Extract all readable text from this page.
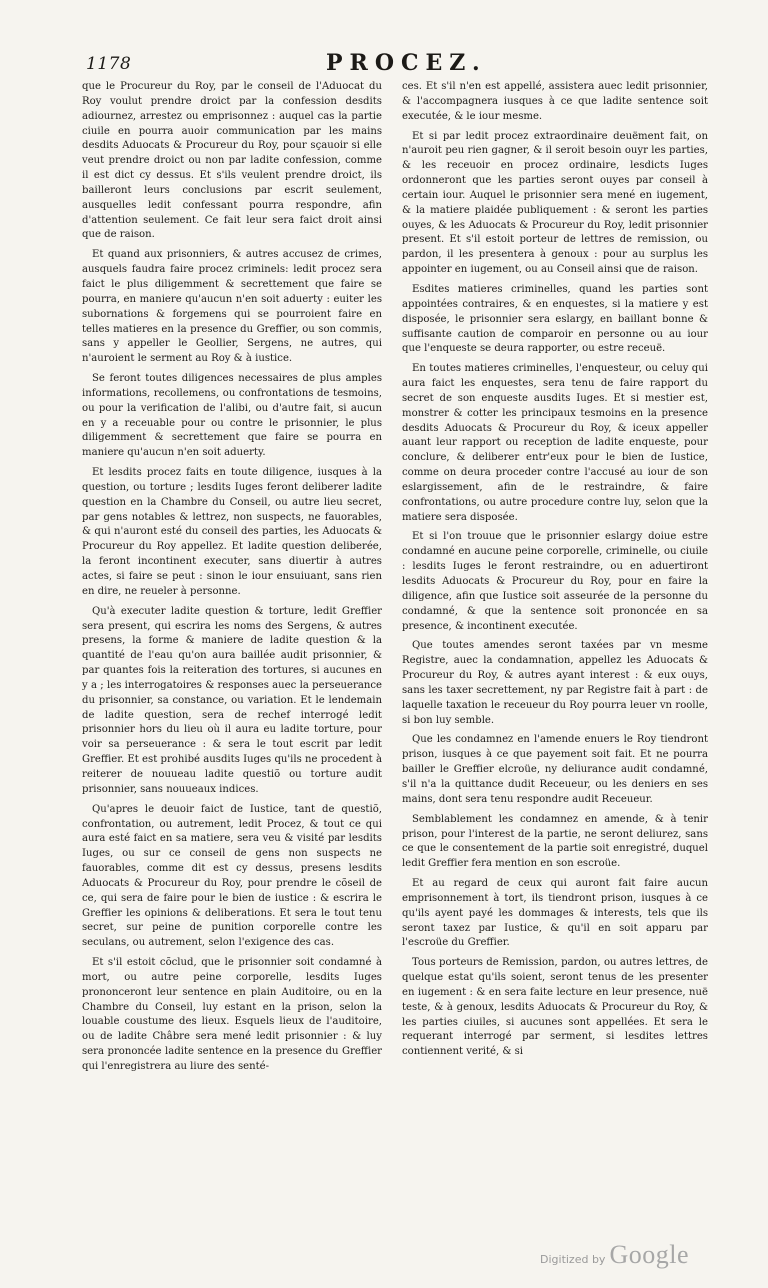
1178	PROCEZ.

que le Procureur du Roy, par le conseil de l'Aduocat du Roy voulut prendre droict par la confession desdits adiournez, arrestez ou emprisonnez : auquel cas la partie ciuile en pourra auoir communication par les mains desdits Aduocats & Procureur du Roy, pour sçauoir si elle veut prendre droict ou non par ladite confession, comme il est dict cy dessus. Et s'ils veulent prendre droict, ils bailleront leurs conclusions par escrit seulement, ausquelles ledit confessant pourra respondre, afin d'attention seulement. Ce fait leur sera faict droit ainsi que de raison.

Et quand aux prisonniers, & autres accusez de crimes, ausquels faudra faire procez criminels: ledit procez sera faict le plus diligemment & secrettement que faire se pourra, en maniere qu'aucun n'en soit aduerty : euiter les subornations & forgemens qui se pourroient faire en telles matieres en la presence du Greffier, ou son commis, sans y appeller le Geollier, Sergens, ne autres, qui n'auroient le serment au Roy & à iustice.

Se feront toutes diligences necessaires de plus amples informations, recollemens, ou confrontations de tesmoins, ou pour la verification de l'alibi, ou d'autre fait, si aucun en y a receuable pour ou contre le prisonnier, le plus diligemment & secrettement que faire se pourra en maniere qu'aucun n'en soit aduerty.

Et lesdits procez faits en toute diligence, iusques à la question, ou torture ; lesdits Iuges feront deliberer ladite question en la Chambre du Conseil, ou autre lieu secret, par gens notables & lettrez, non suspects, ne fauorables, & qui n'auront esté du conseil des parties, les Aduocats & Procureur du Roy appellez. Et ladite question deliberée, la feront incontinent executer, sans diuertir à autres actes, si faire se peut : sinon le iour ensuiuant, sans rien en dire, ne reueler à personne.

Qu'à executer ladite question & torture, ledit Greffier sera present, qui escrira les noms des Sergens, & autres presens, la forme & maniere de ladite question & la quantité de l'eau qu'on aura baillée audit prisonnier, & par quantes fois la reiteration des tortures, si aucunes en y a ; les interrogatoires & responses auec la perseuerance du prisonnier, sa constance, ou variation. Et le lendemain de ladite question, sera de rechef interrogé ledit prisonnier hors du lieu où il aura eu ladite torture, pour voir sa perseuerance : & sera le tout escrit par ledit Greffier. Et est prohibé ausdits Iuges qu'ils ne procedent à reiterer de nouueau ladite questiõ ou torture audit prisonnier, sans nouueaux indices.

Qu'apres le deuoir faict de Iustice, tant de questiõ, confrontation, ou autrement, ledit Procez, & tout ce qui aura esté faict en sa matiere, sera veu & visité par lesdits Iuges, ou sur ce conseil de gens non suspects ne fauorables, comme dit est cy dessus, presens lesdits Aduocats & Procureur du Roy, pour prendre le cõseil de ce, qui sera de faire pour le bien de iustice : & escrira le Greffier les opinions & deliberations. Et sera le tout tenu secret, sur peine de punition corporelle contre les seculans, ou autrement, selon l'exigence des cas.

Et s'il estoit cõclud, que le prisonnier soit condamné à mort, ou autre peine corporelle, lesdits Iuges prononceront leur sentence en plain Auditoire, ou en la Chambre du Conseil, luy estant en la prison, selon la louable coustume des lieux. Esquels lieux de l'auditoire, ou de ladite Châbre sera mené ledit prisonnier : & luy sera prononcée ladite sentence en la presence du Greffier qui l'enregistrera au liure des senté-

ces. Et s'il n'en est appellé, assistera auec ledit prisonnier, & l'accompagnera iusques à ce que ladite sentence soit executée, & le iour mesme.

Et si par ledit procez extraordinaire deuëment fait, on n'auroit peu rien gagner, & il seroit besoin ouyr les parties, & les receuoir en procez ordinaire, lesdicts Iuges ordonneront que les parties seront ouyes par conseil à certain iour. Auquel le prisonnier sera mené en iugement, & la matiere plaidée publiquement : & seront les parties ouyes, & les Aduocats & Procureur du Roy, ledit prisonnier present. Et s'il estoit porteur de lettres de remission, ou pardon, il les presentera à genoux : pour au surplus les appointer en iugement, ou au Conseil ainsi que de raison.

Esdites matieres criminelles, quand les parties sont appointées contraires, & en enquestes, si la matiere y est disposée, le prisonnier sera eslargy, en baillant bonne & suffisante caution de comparoir en personne ou au iour que l'enqueste se deura rapporter, ou estre receuë.

En toutes matieres criminelles, l'enquesteur, ou celuy qui aura faict les enquestes, sera tenu de faire rapport du secret de son enqueste ausdits Iuges. Et si mestier est, monstrer & cotter les principaux tesmoins en la presence desdits Aduocats & Procureur du Roy, & iceux appeller auant leur rapport ou reception de ladite enqueste, pour conclure, & deliberer entr'eux pour le bien de Iustice, comme on deura proceder contre l'accusé au iour de son eslargissement, afin de le restraindre, & faire confrontations, ou autre procedure contre luy, selon que la matiere sera disposée.

Et si l'on trouue que le prisonnier eslargy doiue estre condamné en aucune peine corporelle, criminelle, ou ciuile : lesdits Iuges le feront restraindre, ou en aduertiront lesdits Aduocats & Procureur du Roy, pour en faire la diligence, afin que Iustice soit asseurée de la personne du condamné, & que la sentence soit prononcée en sa presence, & incontinent executée.

Que toutes amendes seront taxées par vn mesme Registre, auec la condamnation, appellez les Aduocats & Procureur du Roy, & autres ayant interest : & eux ouys, sans les taxer secrettement, ny par Registre fait à part : de laquelle taxation le receueur du Roy pourra leuer vn roolle, si bon luy semble.

Que les condamnez en l'amende enuers le Roy tiendront prison, iusques à ce que payement soit fait. Et ne pourra bailler le Greffier elcroüe, ny deliurance audit condamné, s'il n'a la quittance dudit Receueur, ou les deniers en ses mains, dont sera tenu respondre audit Receueur.

Semblablement les condamnez en amende, & à tenir prison, pour l'interest de la partie, ne seront deliurez, sans ce que le consentement de la partie soit enregistré, duquel ledit Greffier fera mention en son escroüe.

Et au regard de ceux qui auront fait faire aucun emprisonnement à tort, ils tiendront prison, iusques à ce qu'ils ayent payé les dommages & interests, tels que ils seront taxez par Iustice, & qu'il en soit apparu par l'escroüe du Greffier.

Tous porteurs de Remission, pardon, ou autres lettres, de quelque estat qu'ils soient, seront tenus de les presenter en iugement : & en sera faite lecture en leur presence, nuë teste, & à genoux, lesdits Aduocats & Procureur du Roy, & les parties ciuiles, si aucunes sont appellées. Et sera le requerant interrogé par serment, si lesdites lettres contiennent verité, & si

Digitized by Google
